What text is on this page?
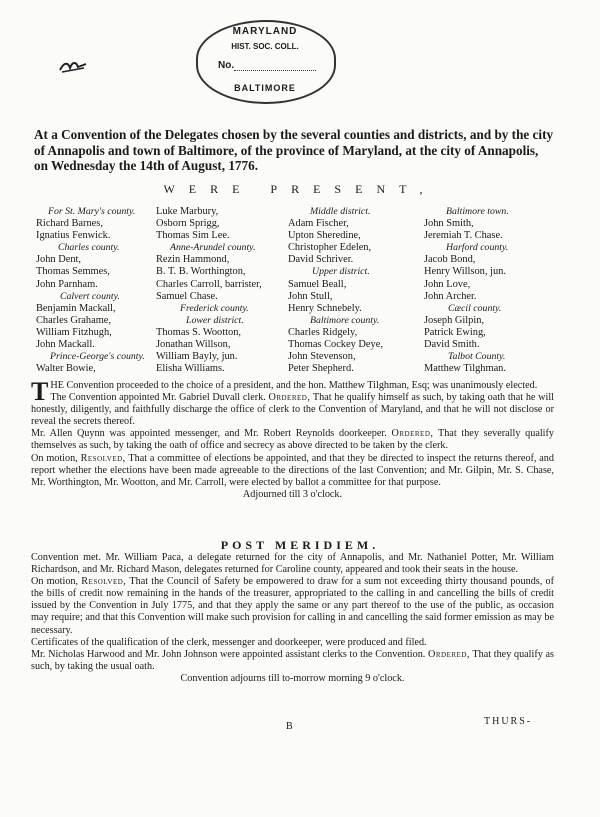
MARYLAND
HIST. SOC. COLL.
No.
BALTIMORE
At a Convention of the Delegates chosen by the several counties and districts, and by the city of Annapolis and town of Baltimore, of the province of Maryland, at the city of Annapolis, on Wednesday the 14th of August, 1776.
WERE PRESENT,
For St. Mary's county.
Richard Barnes,
Ignatius Fenwick.
Charles county.
John Dent,
Thomas Semmes,
John Parnham.
Calvert county.
Benjamin Mackall,
Charles Grahame,
William Fitzhugh,
John Mackall.
Prince-George's county.
Walter Bowie,
Luke Marbury,
Osborn Sprigg,
Thomas Sim Lee.
Anne-Arundel county.
Rezin Hammond,
B. T. B. Worthington,
Charles Carroll, barrister,
Samuel Chase.
Frederick county.
Lower district.
Thomas S. Wootton,
Jonathan Willson,
William Bayly, jun.
Elisha Williams.
Middle district.
Adam Fischer,
Upton Sheredine,
Christopher Edelen,
David Schriver.
Upper district.
Samuel Beall,
John Stull,
Henry Schnebely.
Baltimore county.
Charles Ridgely,
Thomas Cockey Deye,
John Stevenson,
Peter Shepherd.
Baltimore town.
John Smith,
Jeremiah T. Chase.
Harford county.
Jacob Bond,
Henry Willson, jun.
John Love,
John Archer.
Cæcil county.
Joseph Gilpin,
Patrick Ewing,
David Smith.
Talbot County.
Matthew Tilghman.
THE Convention proceeded to the choice of a president, and the hon. Matthew Tilghman, Esq; was unanimously elected.
The Convention appointed Mr. Gabriel Duvall clerk. Ordered, That he qualify himself as such, by taking oath that he will honestly, diligently, and faithfully discharge the office of clerk to the Convention of Maryland, and that he will not disclose or reveal the secrets thereof.
Mr. Allen Quynn was appointed messenger, and Mr. Robert Reynolds doorkeeper. Ordered, That they severally qualify themselves as such, by taking the oath of office and secrecy as above directed to be taken by the clerk.
On motion, Resolved, That a committee of elections be appointed, and that they be directed to inspect the returns thereof, and report whether the elections have been made agreeable to the directions of the last Convention; and Mr. Gilpin, Mr. S. Chase, Mr. Worthington, Mr. Wootton, and Mr. Carroll, were elected by ballot a committee for that purpose.
Adjourned till 3 o'clock.
POST MERIDIEM.
Convention met. Mr. William Paca, a delegate returned for the city of Annapolis, and Mr. Nathaniel Potter, Mr. William Richardson, and Mr. Richard Mason, delegates returned for Caroline county, appeared and took their seats in the house.
On motion, Resolved, That the Council of Safety be empowered to draw for a sum not exceeding thirty thousand pounds, of the bills of credit now remaining in the hands of the treasurer, appropriated to the calling in and cancelling the bills of credit issued by the Convention in July 1775, and that they apply the same or any part thereof to the use of the public, as occasion may require; and that this Convention will make such provision for calling in and cancelling the said former emission as may be necessary.
Certificates of the qualification of the clerk, messenger and doorkeeper, were produced and filed.
Mr. Nicholas Harwood and Mr. John Johnson were appointed assistant clerks to the Convention. Ordered, That they qualify as such, by taking the usual oath.
Convention adjourns till to-morrow morning 9 o'clock.
B	THURS-
